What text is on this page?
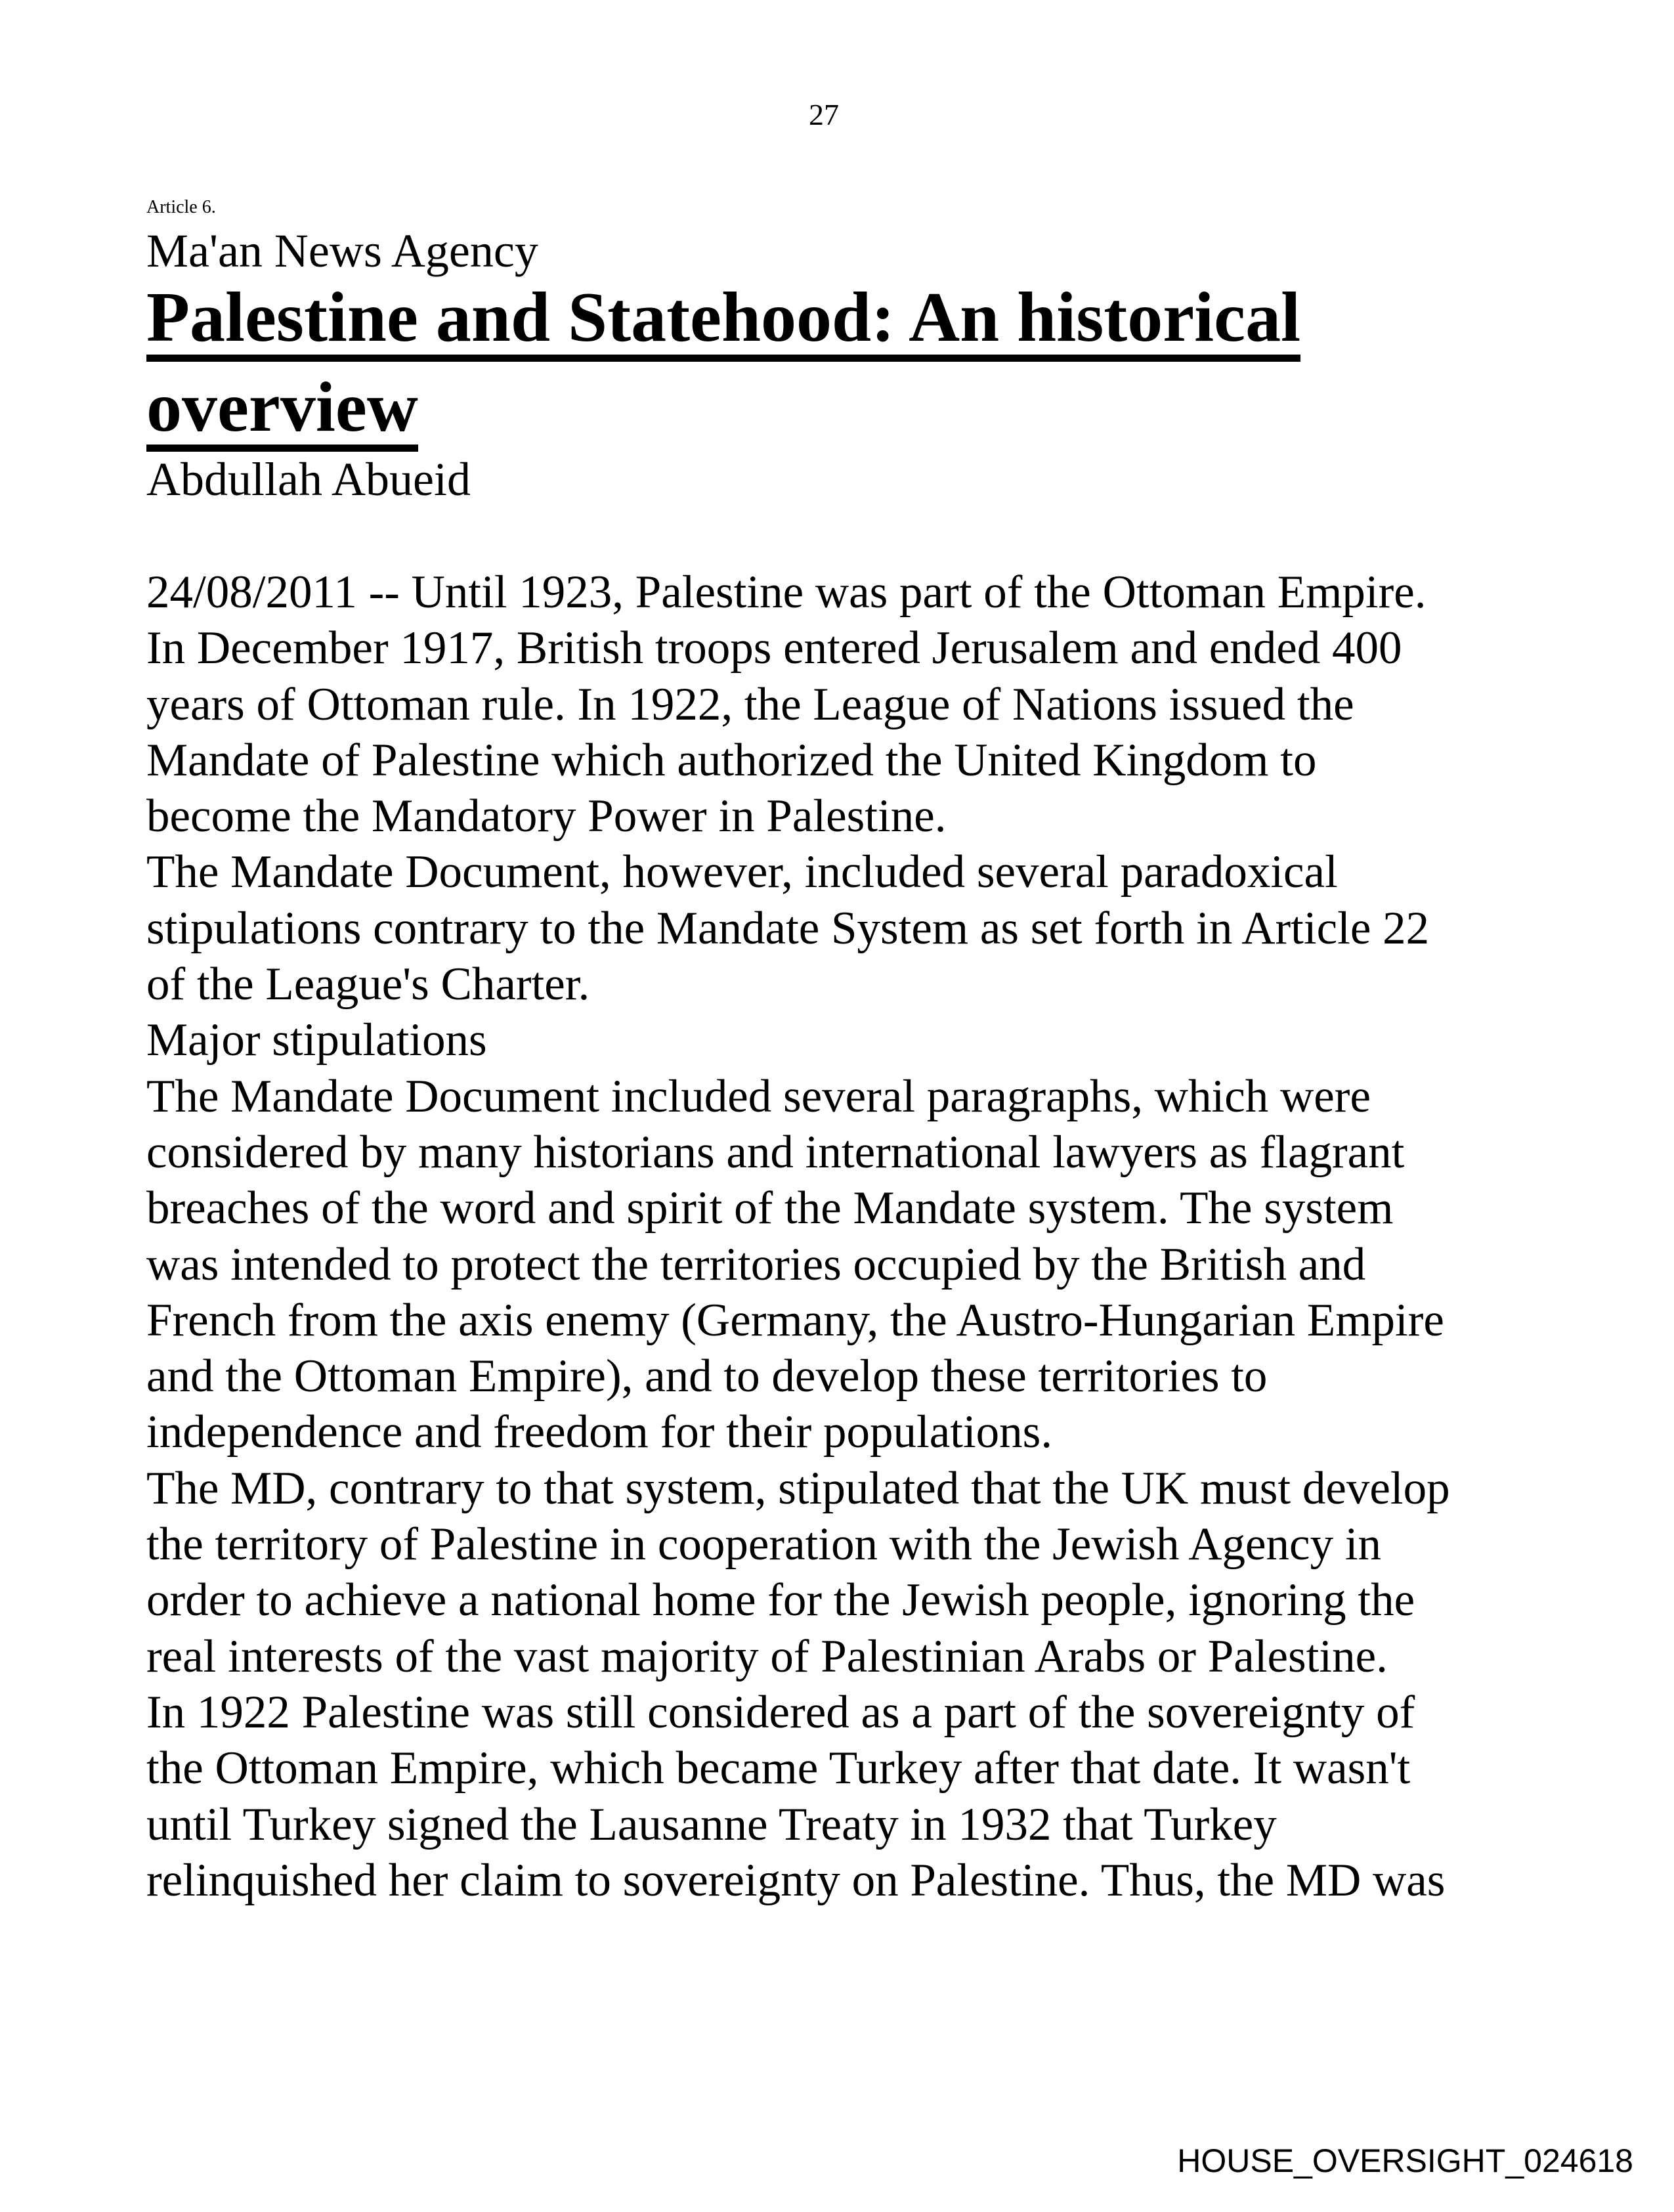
27
Article 6.
Ma'an News Agency
Palestine and Statehood: An historical
overview
Abdullah Abueid
24/08/2011 -- Until 1923, Palestine was part of the Ottoman Empire.
In December 1917, British troops entered Jerusalem and ended 400
years of Ottoman rule. In 1922, the League of Nations issued the
Mandate of Palestine which authorized the United Kingdom to
become the Mandatory Power in Palestine.
The Mandate Document, however, included several paradoxical
stipulations contrary to the Mandate System as set forth in Article 22
of the League's Charter.
Major stipulations
The Mandate Document included several paragraphs, which were
considered by many historians and international lawyers as flagrant
breaches of the word and spirit of the Mandate system. The system
was intended to protect the territories occupied by the British and
French from the axis enemy (Germany, the Austro-Hungarian Empire
and the Ottoman Empire), and to develop these territories to
independence and freedom for their populations.
The MD, contrary to that system, stipulated that the UK must develop
the territory of Palestine in cooperation with the Jewish Agency in
order to achieve a national home for the Jewish people, ignoring the
real interests of the vast majority of Palestinian Arabs or Palestine.
In 1922 Palestine was still considered as a part of the sovereignty of
the Ottoman Empire, which became Turkey after that date. It wasn't
until Turkey signed the Lausanne Treaty in 1932 that Turkey
relinquished her claim to sovereignty on Palestine. Thus, the MD was
HOUSE_OVERSIGHT_024618
